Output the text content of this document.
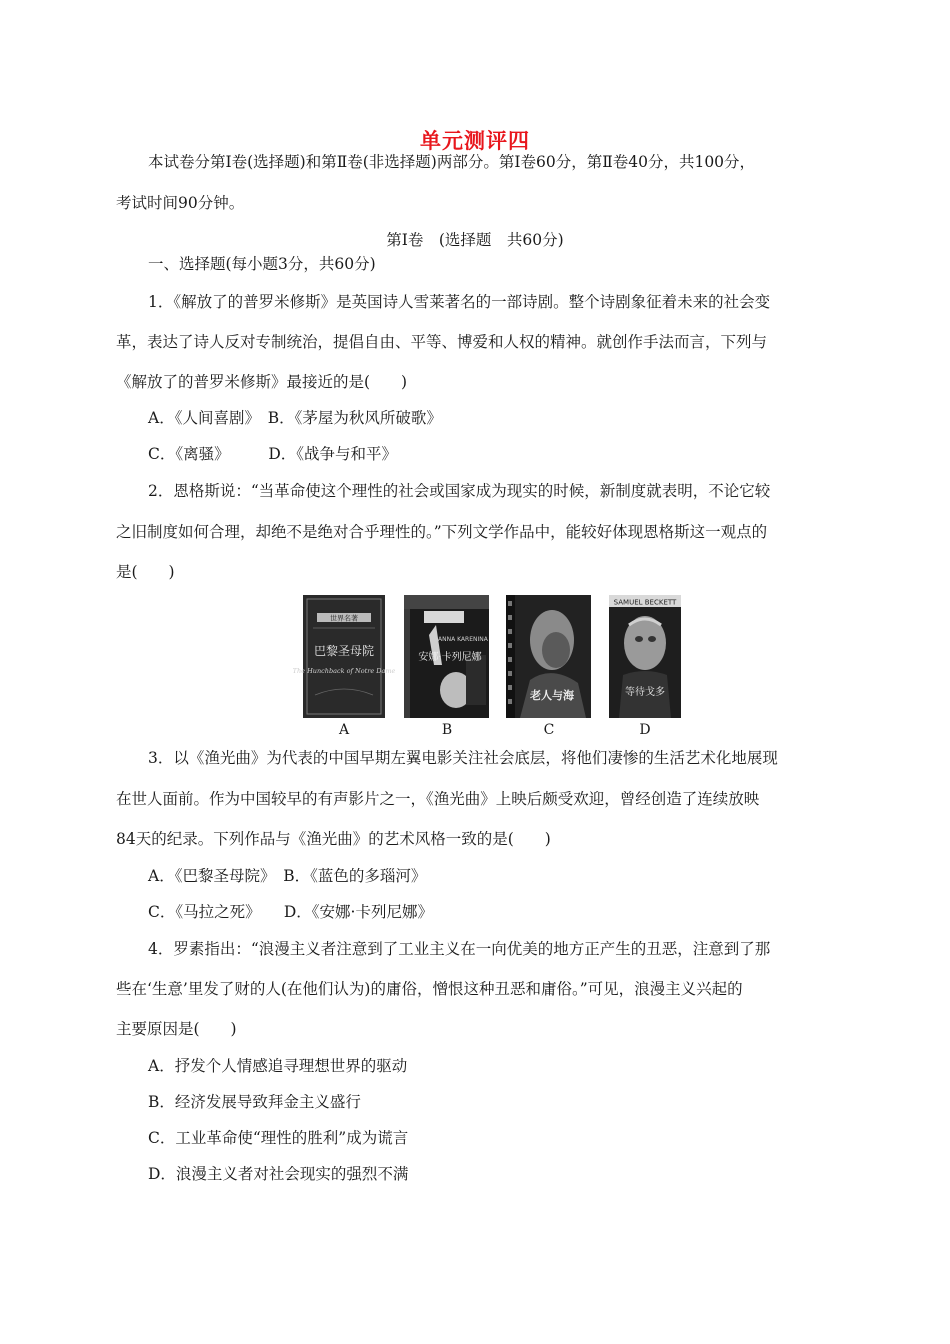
单元测评四
本试卷分第Ⅰ卷(选择题)和第Ⅱ卷(非选择题)两部分。第Ⅰ卷60分，第Ⅱ卷40分，共100分，
考试时间90分钟。
第Ⅰ卷　(选择题　共60分)
一、选择题(每小题3分，共60分)
1．《解放了的普罗米修斯》是英国诗人雪莱著名的一部诗剧。整个诗剧象征着未来的社会变
革，表达了诗人反对专制统治，提倡自由、平等、博爱和人权的精神。就创作手法而言，下列与
《解放了的普罗米修斯》最接近的是(　　)
A．《人间喜剧》　B．《茅屋为秋风所破歌》
C．《离骚》　　　D．《战争与和平》
2．恩格斯说：“当革命使这个理性的社会或国家成为现实的时候，新制度就表明，不论它较
之旧制度如何合理，却绝不是绝对合乎理性的。”下列文学作品中，能较好体现恩格斯这一观点的
是(　　)
世界名著
巴黎圣母院
The Hunchback of Notre Dame
ANNA KARENINA
安娜·卡列尼娜
老人与海
SAMUEL BECKETT
等待戈多
A	B	C	D
3．以《渔光曲》为代表的中国早期左翼电影关注社会底层，将他们凄惨的生活艺术化地展现
在世人面前。作为中国较早的有声影片之一，《渔光曲》上映后颇受欢迎，曾经创造了连续放映
84天的纪录。下列作品与《渔光曲》的艺术风格一致的是(　　)
A．《巴黎圣母院》　B．《蓝色的多瑙河》
C．《马拉之死》　　D．《安娜·卡列尼娜》
4．罗素指出：“浪漫主义者注意到了工业主义在一向优美的地方正产生的丑恶，注意到了那
些在‘生意’里发了财的人(在他们认为)的庸俗，憎恨这种丑恶和庸俗。”可见，浪漫主义兴起的
主要原因是(　　)
A．抒发个人情感追寻理想世界的驱动
B．经济发展导致拜金主义盛行
C．工业革命使“理性的胜利”成为谎言
D．浪漫主义者对社会现实的强烈不满
